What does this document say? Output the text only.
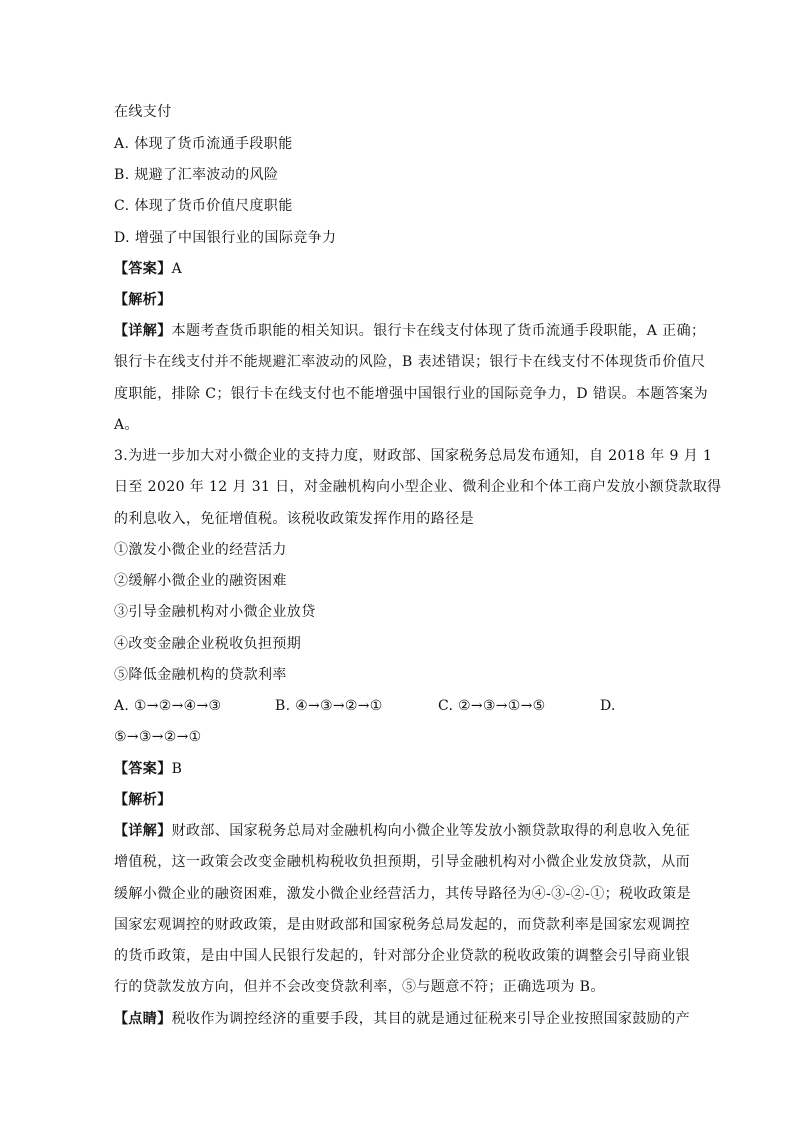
在线支付
A. 体现了货币流通手段职能
B. 规避了汇率波动的风险
C. 体现了货币价值尺度职能
D. 增强了中国银行业的国际竞争力
【答案】A
【解析】
【详解】本题考查货币职能的相关知识。银行卡在线支付体现了货币流通手段职能，A 正确；
银行卡在线支付并不能规避汇率波动的风险，B 表述错误；银行卡在线支付不体现货币价值尺
度职能，排除 C；银行卡在线支付也不能增强中国银行业的国际竞争力，D 错误。本题答案为
A。
3.为进一步加大对小微企业的支持力度，财政部、国家税务总局发布通知，自 2018 年 9 月 1
日至 2020 年 12 月 31 日，对金融机构向小型企业、微利企业和个体工商户发放小额贷款取得
的利息收入，免征增值税。该税收政策发挥作用的路径是
①激发小微企业的经营活力
②缓解小微企业的融资困难
③引导金融机构对小微企业放贷
④改变金融企业税收负担预期
⑤降低金融机构的贷款利率
A. ①→②→④→③	B. ④→③→②→①	C. ②→③→①→⑤	D.
⑤→③→②→①
【答案】B
【解析】
【详解】财政部、国家税务总局对金融机构向小微企业等发放小额贷款取得的利息收入免征
增值税，这一政策会改变金融机构税收负担预期，引导金融机构对小微企业发放贷款，从而
缓解小微企业的融资困难，激发小微企业经营活力，其传导路径为④-③-②-①；税收政策是
国家宏观调控的财政政策，是由财政部和国家税务总局发起的，而贷款利率是国家宏观调控
的货币政策，是由中国人民银行发起的，针对部分企业贷款的税收政策的调整会引导商业银
行的贷款发放方向，但并不会改变贷款利率，⑤与题意不符；正确选项为 B。
【点睛】税收作为调控经济的重要手段，其目的就是通过征税来引导企业按照国家鼓励的产
